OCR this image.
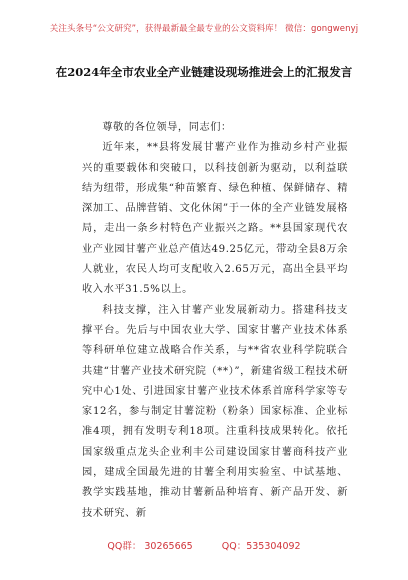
关注头条号“公文研究”，获得最新最全最专业的公文资料库！ 微信：gongwenyj
在2024年全市农业全产业链建设现场推进会上的汇报发言

尊敬的各位领导，同志们：

近年来，**县将发展甘薯产业作为推动乡村产业振兴的重要载体和突破口，以科技创新为驱动，以利益联结为纽带，形成集“种苗繁育、绿色种植、保鲜储存、精深加工、品牌营销、文化休闲”于一体的全产业链发展格局，走出一条乡村特色产业振兴之路。**县国家现代农业产业园甘薯产业总产值达49.25亿元，带动全县8万余人就业，农民人均可支配收入2.65万元，高出全县平均收入水平31.5%以上。

科技支撑，注入甘薯产业发展新动力。搭建科技支撑平台。先后与中国农业大学、国家甘薯产业技术体系等科研单位建立战略合作关系，与**省农业科学院联合共建“甘薯产业技术研究院（**）”，新建省级工程技术研究中心1处、引进国家甘薯产业技术体系首席科学家等专家12名，参与制定甘薯淀粉（粉条）国家标准、企业标准4项，拥有发明专利18项。注重科技成果转化。依托国家级重点龙头企业利丰公司建设国家甘薯商科技产业园，建成全国最先进的甘薯全利用实验室、中试基地、教学实践基地，推动甘薯新品种培育、新产品开发、新技术研究、新

QQ群： 30265665	QQ：535304092
